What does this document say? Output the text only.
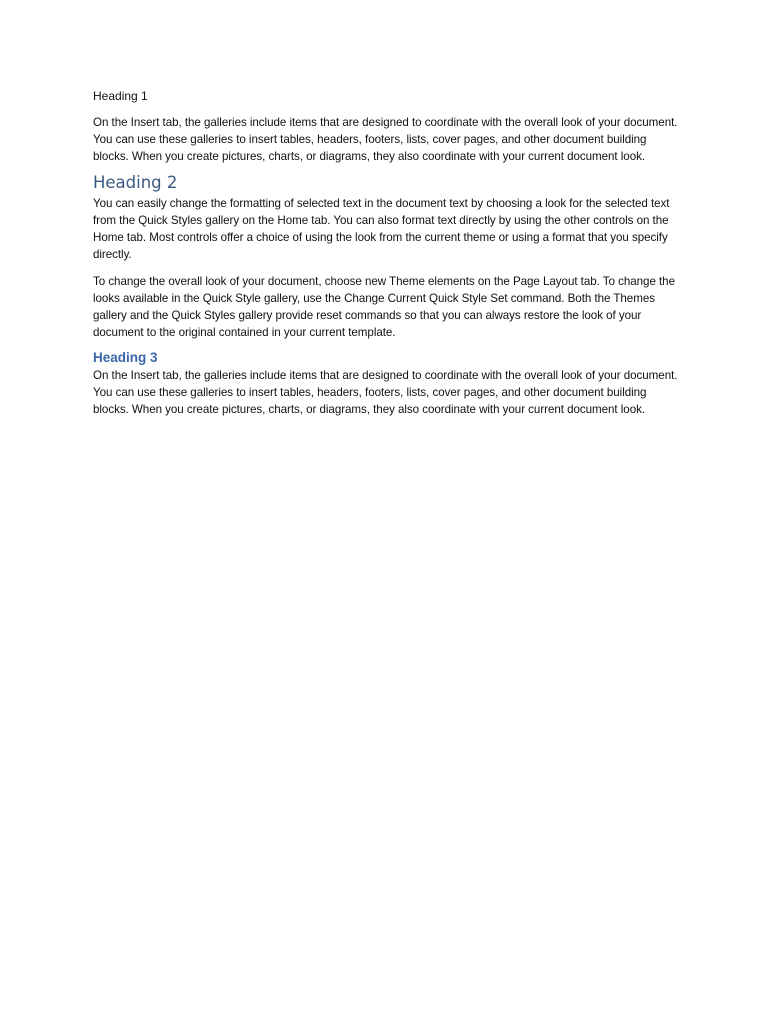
Heading 1
On the Insert tab, the galleries include items that are designed to coordinate with the overall look of your document. You can use these galleries to insert tables, headers, footers, lists, cover pages, and other document building blocks. When you create pictures, charts, or diagrams, they also coordinate with your current document look.
Heading 2
You can easily change the formatting of selected text in the document text by choosing a look for the selected text from the Quick Styles gallery on the Home tab. You can also format text directly by using the other controls on the Home tab. Most controls offer a choice of using the look from the current theme or using a format that you specify directly.
To change the overall look of your document, choose new Theme elements on the Page Layout tab. To change the looks available in the Quick Style gallery, use the Change Current Quick Style Set command. Both the Themes gallery and the Quick Styles gallery provide reset commands so that you can always restore the look of your document to the original contained in your current template.
Heading 3
On the Insert tab, the galleries include items that are designed to coordinate with the overall look of your document. You can use these galleries to insert tables, headers, footers, lists, cover pages, and other document building blocks. When you create pictures, charts, or diagrams, they also coordinate with your current document look.
